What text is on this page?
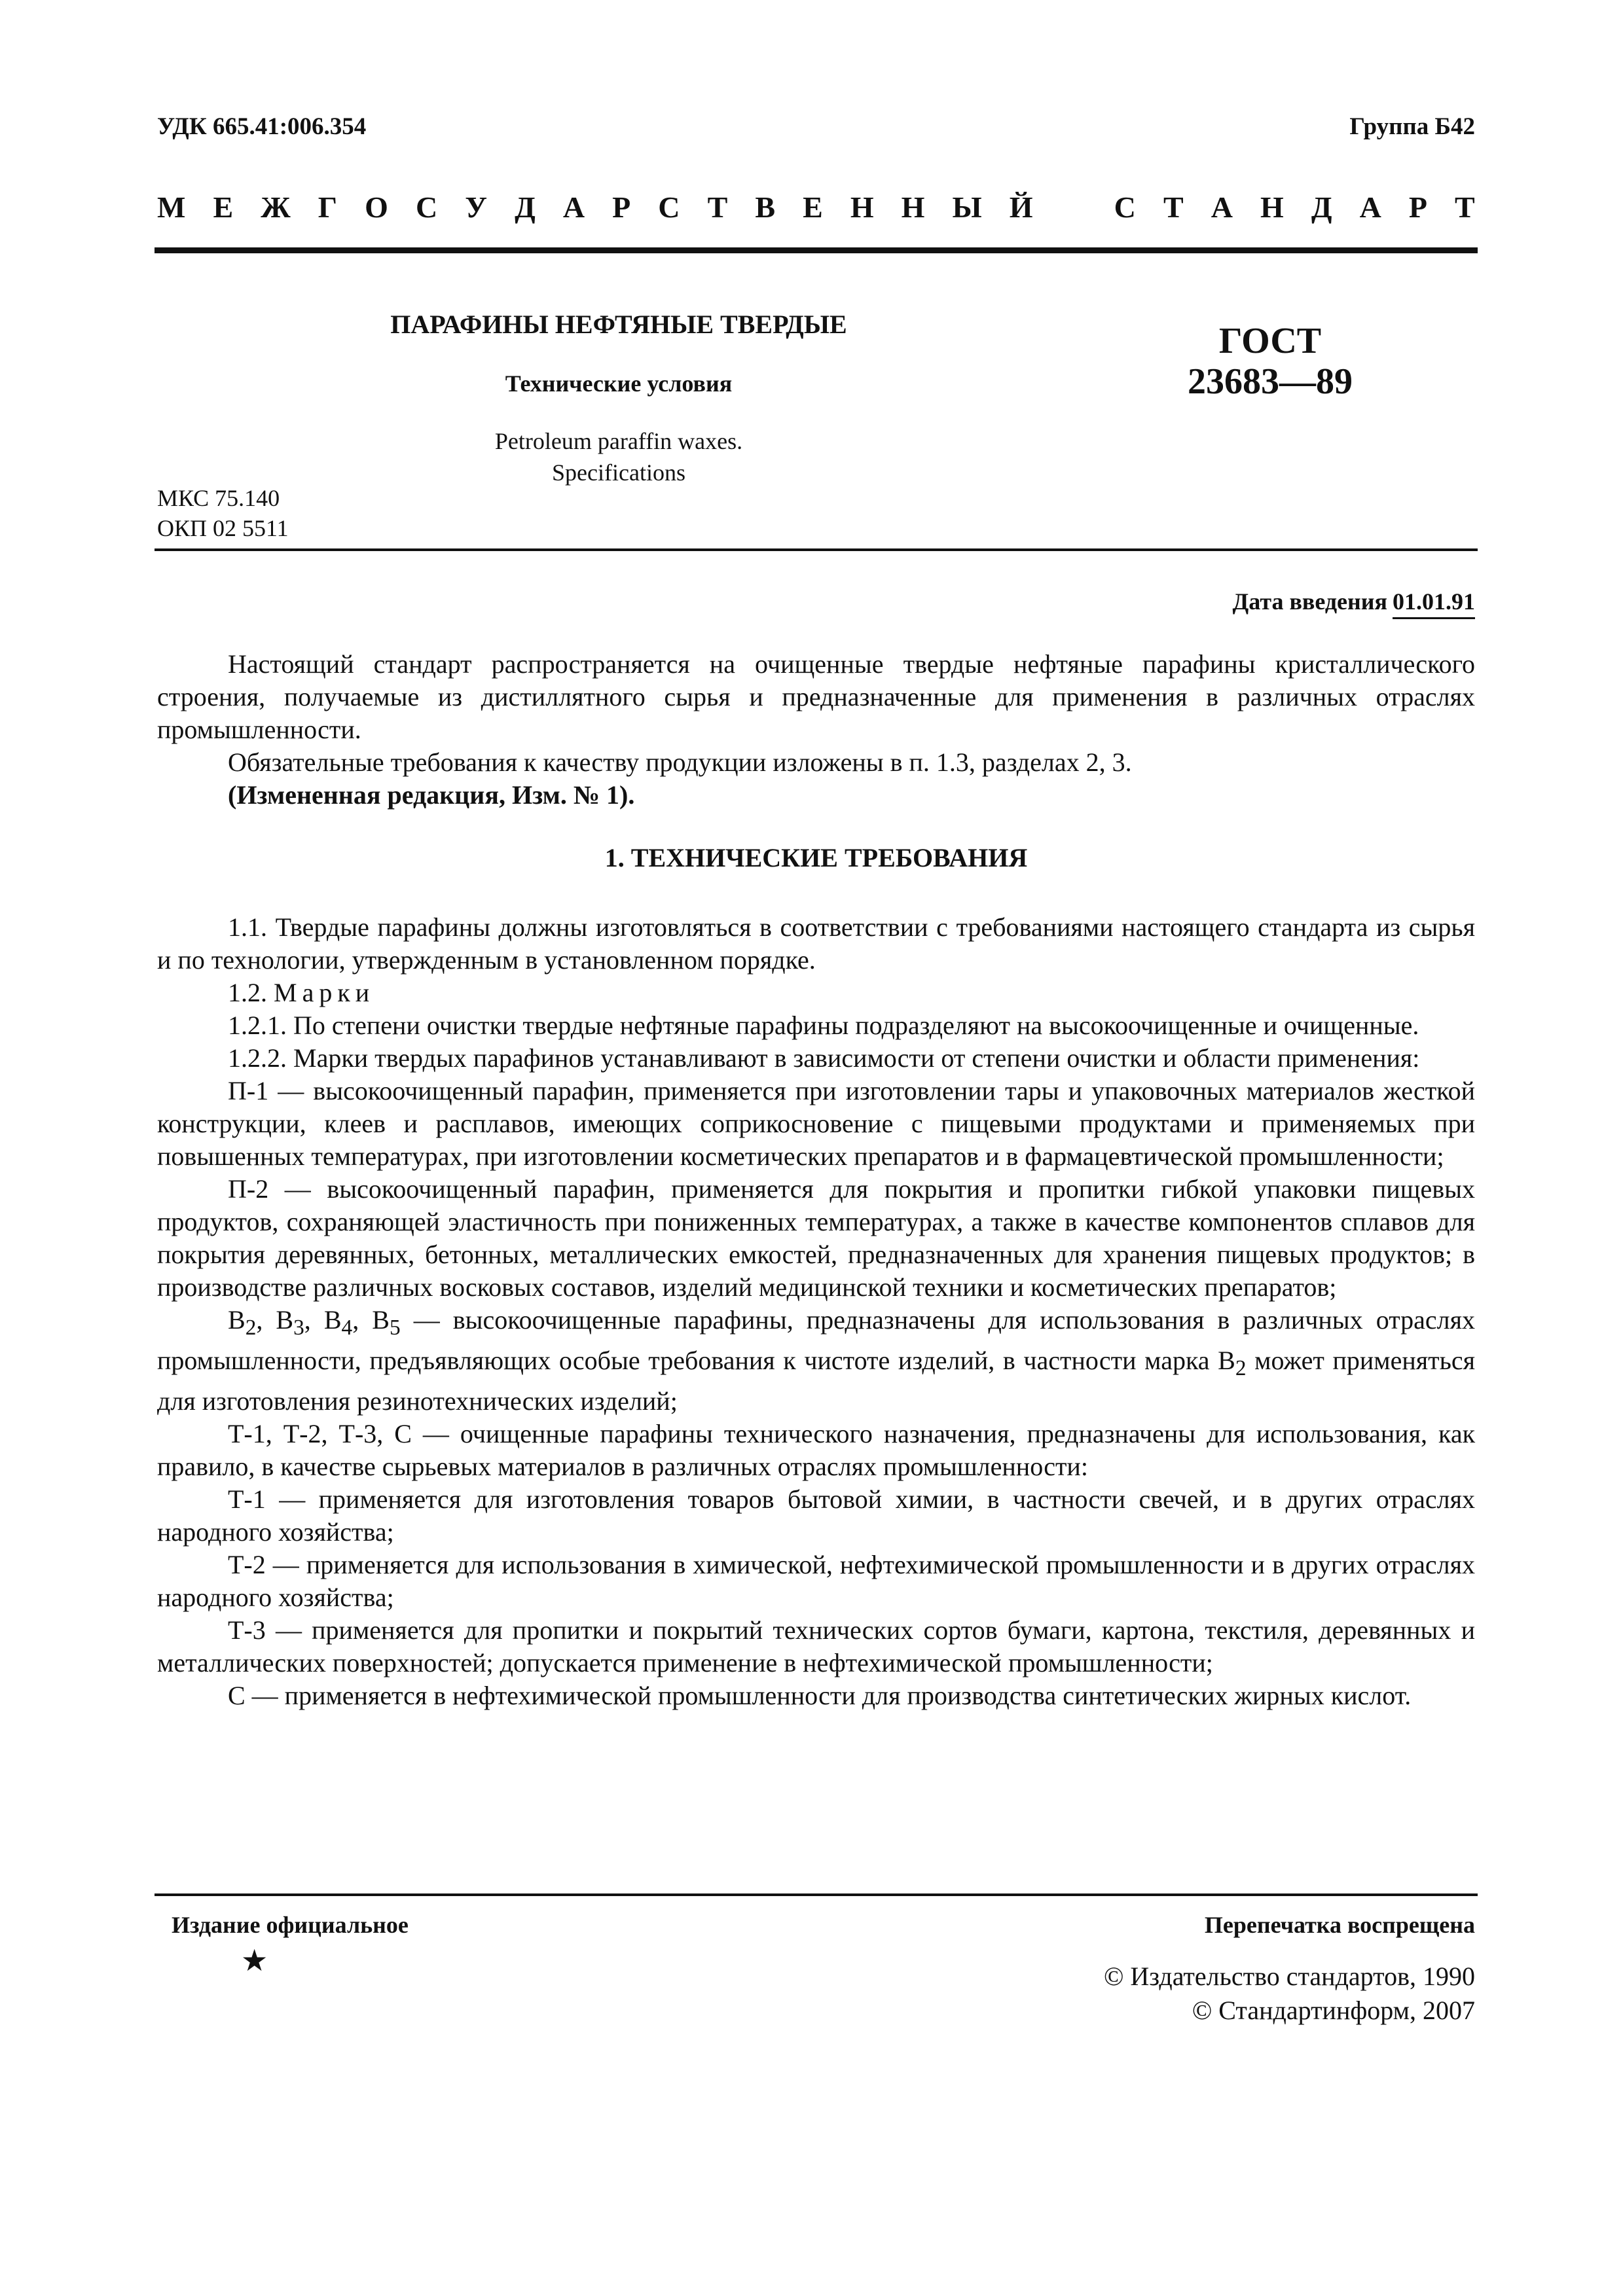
УДК 665.41:006.354	Группа Б42
М Е Ж Г О С У Д А Р С Т В Е Н Н Ы Й	С Т А Н Д А Р Т
ПАРАФИНЫ НЕФТЯНЫЕ ТВЕРДЫЕ
Технические условия
Petroleum paraffin waxes.
Specifications
ГОСТ
23683—89
МКС 75.140
ОКП 02 5511
Дата введения 01.01.91

Настоящий стандарт распространяется на очищенные твердые нефтяные парафины кристаллического строения, получаемые из дистиллятного сырья и предназначенные для применения в различных отраслях промышленности.

Обязательные требования к качеству продукции изложены в п. 1.3, разделах 2, 3.

(Измененная редакция, Изм. № 1).

1. ТЕХНИЧЕСКИЕ ТРЕБОВАНИЯ

1.1. Твердые парафины должны изготовляться в соответствии с требованиями настоящего стандарта из сырья и по технологии, утвержденным в установленном порядке.

1.2. Марки

1.2.1. По степени очистки твердые нефтяные парафины подразделяют на высокоочищенные и очищенные.

1.2.2. Марки твердых парафинов устанавливают в зависимости от степени очистки и области применения:

П-1 — высокоочищенный парафин, применяется при изготовлении тары и упаковочных материалов жесткой конструкции, клеев и расплавов, имеющих соприкосновение с пищевыми продуктами и применяемых при повышенных температурах, при изготовлении косметических препаратов и в фармацевтической промышленности;

П-2 — высокоочищенный парафин, применяется для покрытия и пропитки гибкой упаковки пищевых продуктов, сохраняющей эластичность при пониженных температурах, а также в качестве компонентов сплавов для покрытия деревянных, бетонных, металлических емкостей, предназначенных для хранения пищевых продуктов; в производстве различных восковых составов, изделий медицинской техники и косметических препаратов;

$В_2$, $В_3$, $В_4$, $В_5$ — высокоочищенные парафины, предназначены для использования в различных отраслях промышленности, предъявляющих особые требования к чистоте изделий, в частности марка $В_2$ может применяться для изготовления резинотехнических изделий;

Т-1, Т-2, Т-3, С — очищенные парафины технического назначения, предназначены для использования, как правило, в качестве сырьевых материалов в различных отраслях промышленности:

Т-1 — применяется для изготовления товаров бытовой химии, в частности свечей, и в других отраслях народного хозяйства;

Т-2 — применяется для использования в химической, нефтехимической промышленности и в других отраслях народного хозяйства;

Т-3 — применяется для пропитки и покрытий технических сортов бумаги, картона, текстиля, деревянных и металлических поверхностей; допускается применение в нефтехимической промышленности;

С — применяется в нефтехимической промышленности для производства синтетических жирных кислот.

Издание официальное
★
Перепечатка воспрещена
© Издательство стандартов, 1990
© Стандартинформ, 2007
